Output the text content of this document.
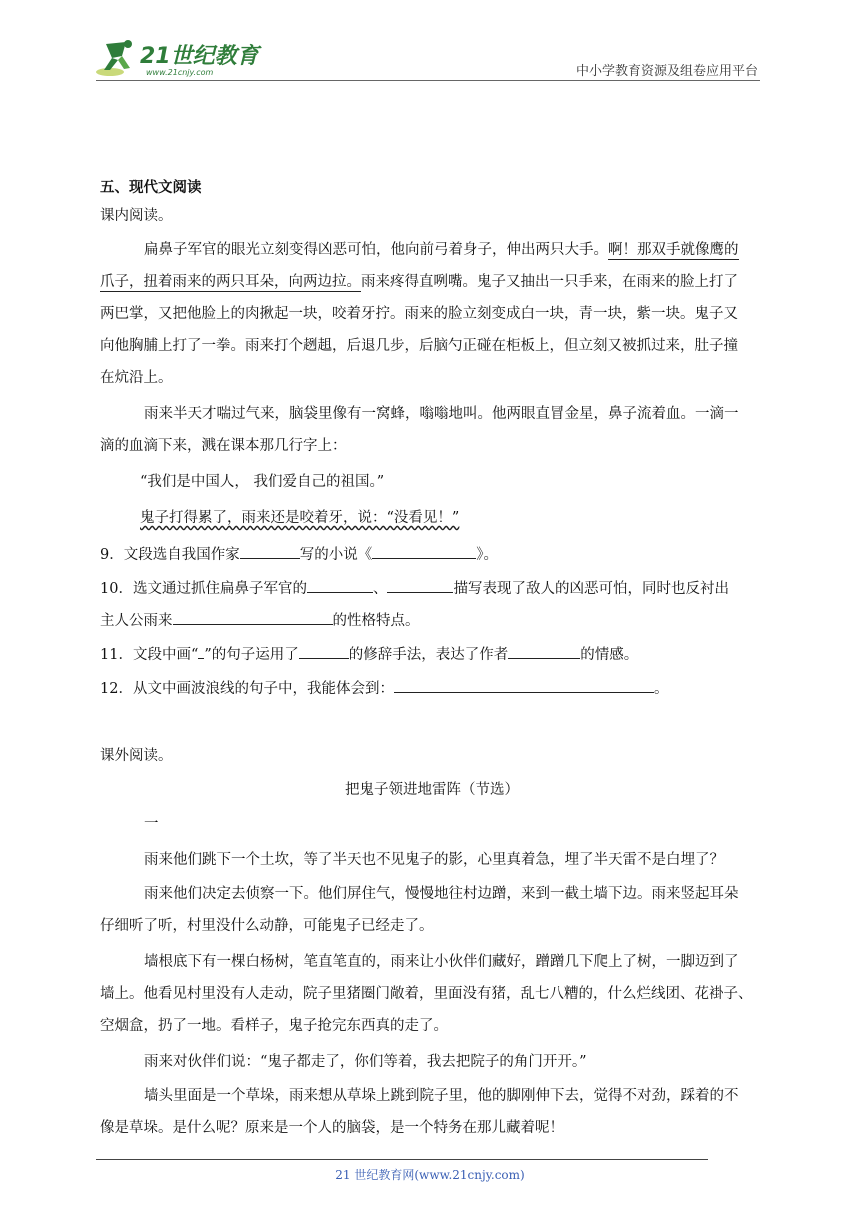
21世纪教育
www.21cnjy.com	中小学教育资源及组卷应用平台
五、现代文阅读
课内阅读。
扁鼻子军官的眼光立刻变得凶恶可怕，他向前弓着身子，伸出两只大手。啊！那双手就像鹰的
爪子，扭着雨来的两只耳朵，向两边拉。雨来疼得直咧嘴。鬼子又抽出一只手来，在雨来的脸上打了
两巴掌，又把他脸上的肉揪起一块，咬着牙拧。雨来的脸立刻变成白一块，青一块，紫一块。鬼子又
向他胸脯上打了一拳。雨来打个趔趄，后退几步，后脑勺正碰在柜板上，但立刻又被抓过来，肚子撞
在炕沿上。
雨来半天才喘过气来，脑袋里像有一窝蜂，嗡嗡地叫。他两眼直冒金星，鼻子流着血。一滴一
滴的血滴下来，溅在课本那几行字上：
“我们是中国人， 我们爱自己的祖国。”
鬼子打得累了，雨来还是咬着牙，说：“没看见！”
9．文段选自我国作家	写的小说《	》。
10．选文通过抓住扁鼻子军官的	、	描写表现了敌人的凶恶可怕，同时也反衬出
主人公雨来	的性格特点。
11．文段中画“ ”的句子运用了	的修辞手法，表达了作者	的情感。
12．从文中画波浪线的句子中，我能体会到：	。
课外阅读。
把鬼子领进地雷阵（节选）
一
雨来他们跳下一个土坎，等了半天也不见鬼子的影，心里真着急，埋了半天雷不是白埋了？
雨来他们决定去侦察一下。他们屏住气，慢慢地往村边蹭，来到一截土墙下边。雨来竖起耳朵
仔细听了听，村里没什么动静，可能鬼子已经走了。
墙根底下有一棵白杨树，笔直笔直的，雨来让小伙伴们藏好，蹭蹭几下爬上了树，一脚迈到了
墙上。他看见村里没有人走动，院子里猪圈门敞着，里面没有猪，乱七八糟的，什么烂线团、花褂子、
空烟盒，扔了一地。看样子，鬼子抢完东西真的走了。
雨来对伙伴们说：“鬼子都走了，你们等着，我去把院子的角门开开。”
墙头里面是一个草垛，雨来想从草垛上跳到院子里，他的脚刚伸下去，觉得不对劲，踩着的不
像是草垛。是什么呢？原来是一个人的脑袋，是一个特务在那儿藏着呢！
21 世纪教育网(www.21cnjy.com)
